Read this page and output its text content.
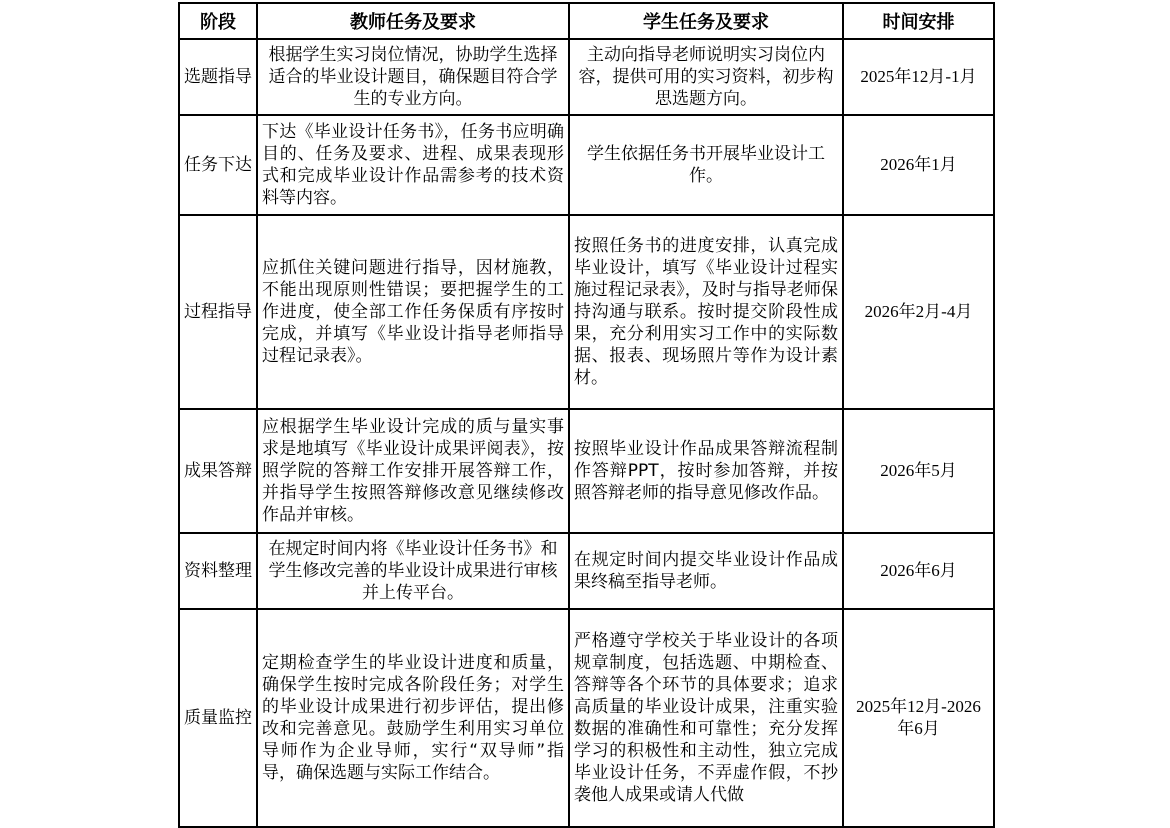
阶段	教师任务及要求	学生任务及要求	时间安排
选题指导	根据学生实习岗位情况，协助学生选择适合的毕业设计题目，确保题目符合学生的专业方向。	主动向指导老师说明实习岗位内容，提供可用的实习资料，初步构思选题方向。	2025年12月-1月
任务下达	下达《毕业设计任务书》，任务书应明确目的、任务及要求、进程、成果表现形式和完成毕业设计作品需参考的技术资料等内容。	学生依据任务书开展毕业设计工作。	2026年1月
过程指导	应抓住关键问题进行指导，因材施教，不能出现原则性错误；要把握学生的工作进度，使全部工作任务保质有序按时完成，并填写《毕业设计指导老师指导过程记录表》。	按照任务书的进度安排，认真完成毕业设计，填写《毕业设计过程实施过程记录表》，及时与指导老师保持沟通与联系。按时提交阶段性成果，充分利用实习工作中的实际数据、报表、现场照片等作为设计素材。	2026年2月-4月
成果答辩	应根据学生毕业设计完成的质与量实事求是地填写《毕业设计成果评阅表》，按照学院的答辩工作安排开展答辩工作，并指导学生按照答辩修改意见继续修改作品并审核。	按照毕业设计作品成果答辩流程制作答辩PPT，按时参加答辩，并按照答辩老师的指导意见修改作品。	2026年5月
资料整理	在规定时间内将《毕业设计任务书》和学生修改完善的毕业设计成果进行审核并上传平台。	在规定时间内提交毕业设计作品成果终稿至指导老师。	2026年6月
质量监控	定期检查学生的毕业设计进度和质量，确保学生按时完成各阶段任务；对学生的毕业设计成果进行初步评估，提出修改和完善意见。鼓励学生利用实习单位导师作为企业导师，实行“双导师”指导，确保选题与实际工作结合。	严格遵守学校关于毕业设计的各项规章制度，包括选题、中期检查、答辩等各个环节的具体要求；追求高质量的毕业设计成果，注重实验数据的准确性和可靠性；充分发挥学习的积极性和主动性，独立完成毕业设计任务，不弄虚作假，不抄袭他人成果或请人代做	2025年12月-2026年6月
